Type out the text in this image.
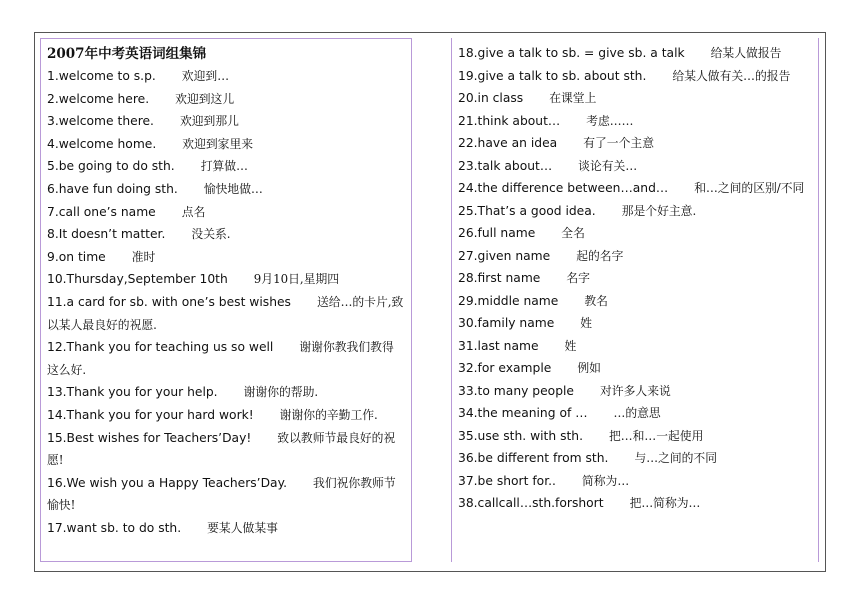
2007年中考英语词组集锦
1.welcome to s.p. 欢迎到…
2.welcome here. 欢迎到这儿
3.welcome there. 欢迎到那儿
4.welcome home. 欢迎到家里来
5.be going to do sth. 打算做…
6.have fun doing sth. 愉快地做…
7.call one’s name 点名
8.It doesn’t matter. 没关系.
9.on time 准时
10.Thursday,September 10th 9月10日,星期四
11.a card for sb. with one’s best wishes 送给…的卡片,致以某人最良好的祝愿.
12.Thank you for teaching us so well 谢谢你教我们教得这么好.
13.Thank you for your help. 谢谢你的帮助.
14.Thank you for your hard work! 谢谢你的辛勤工作.
15.Best wishes for Teachers’Day! 致以教师节最良好的祝愿!
16.We wish you a Happy Teachers’Day. 我们祝你教师节愉快!
17.want sb. to do sth. 要某人做某事
18.give a talk to sb. = give sb. a talk 给某人做报告
19.give a talk to sb. about sth. 给某人做有关…的报告
20.in class 在课堂上
21.think about… 考虑……
22.have an idea 有了一个主意
23.talk about… 谈论有关…
24.the difference between…and… 和…之间的区别/不同
25.That’s a good idea. 那是个好主意.
26.full name 全名
27.given name 起的名字
28.first name 名字
29.middle name 教名
30.family name 姓
31.last name 姓
32.for example 例如
33.to many people 对许多人来说
34.the meaning of … …的意思
35.use sth. with sth. 把…和…一起使用
36.be different from sth. 与…之间的不同
37.be short for.. 简称为…
38.callcall…sth.forshort 把…简称为…
